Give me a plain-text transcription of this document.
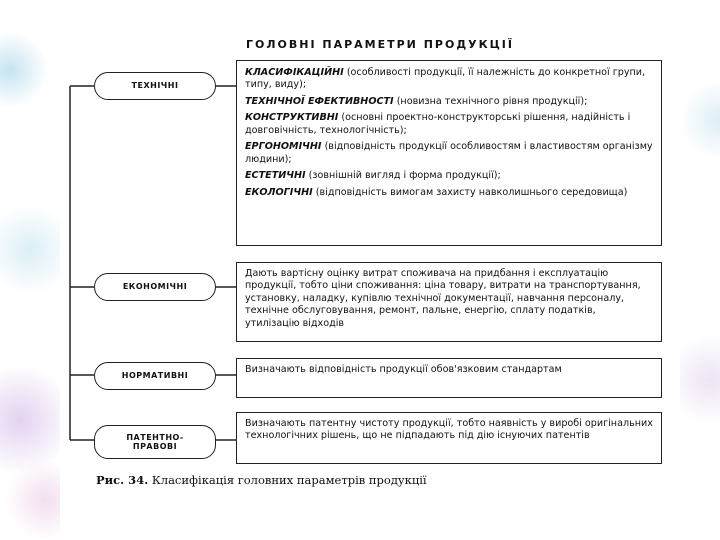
ГОЛОВНІ ПАРАМЕТРИ ПРОДУКЦІЇ
ТЕХНІЧНІ
ЕКОНОМІЧНІ
НОРМАТИВНІ
ПАТЕНТНО-
ПРАВОВІ
КЛАСИФІКАЦІЙНІ (особливості продукції, її належність до конкретної групи, типу, виду);
ТЕХНІЧНОЇ ЕФЕКТИВНОСТІ (новизна технічного рівня продукції);
КОНСТРУКТИВНІ (основні проектно-конструкторські рішення, надійність і довговічність, технологічність);
ЕРГОНОМІЧНІ (відповідність продукції особливостям і властивостям організму людини);
ЕСТЕТИЧНІ (зовнішній вигляд і форма продукції);
ЕКОЛОГІЧНІ (відповідність вимогам захисту навколишнього середовища)
Дають вартісну оцінку витрат споживача на придбання і експлуатацію продукції, тобто ціни споживання: ціна товару, витрати на транспортування, установку, наладку, купівлю технічної документації, навчання персоналу, технічне обслуговування, ремонт, пальне, енергію, сплату податків, утилізацію відходів
Визначають відповідність продукції обов'язковим стандартам
Визначають патентну чистоту продукції, тобто наявність у виробі оригінальних технологічних рішень, що не підпадають під дію існуючих патентів
Рис. 34. Класифікація головних параметрів продукції
